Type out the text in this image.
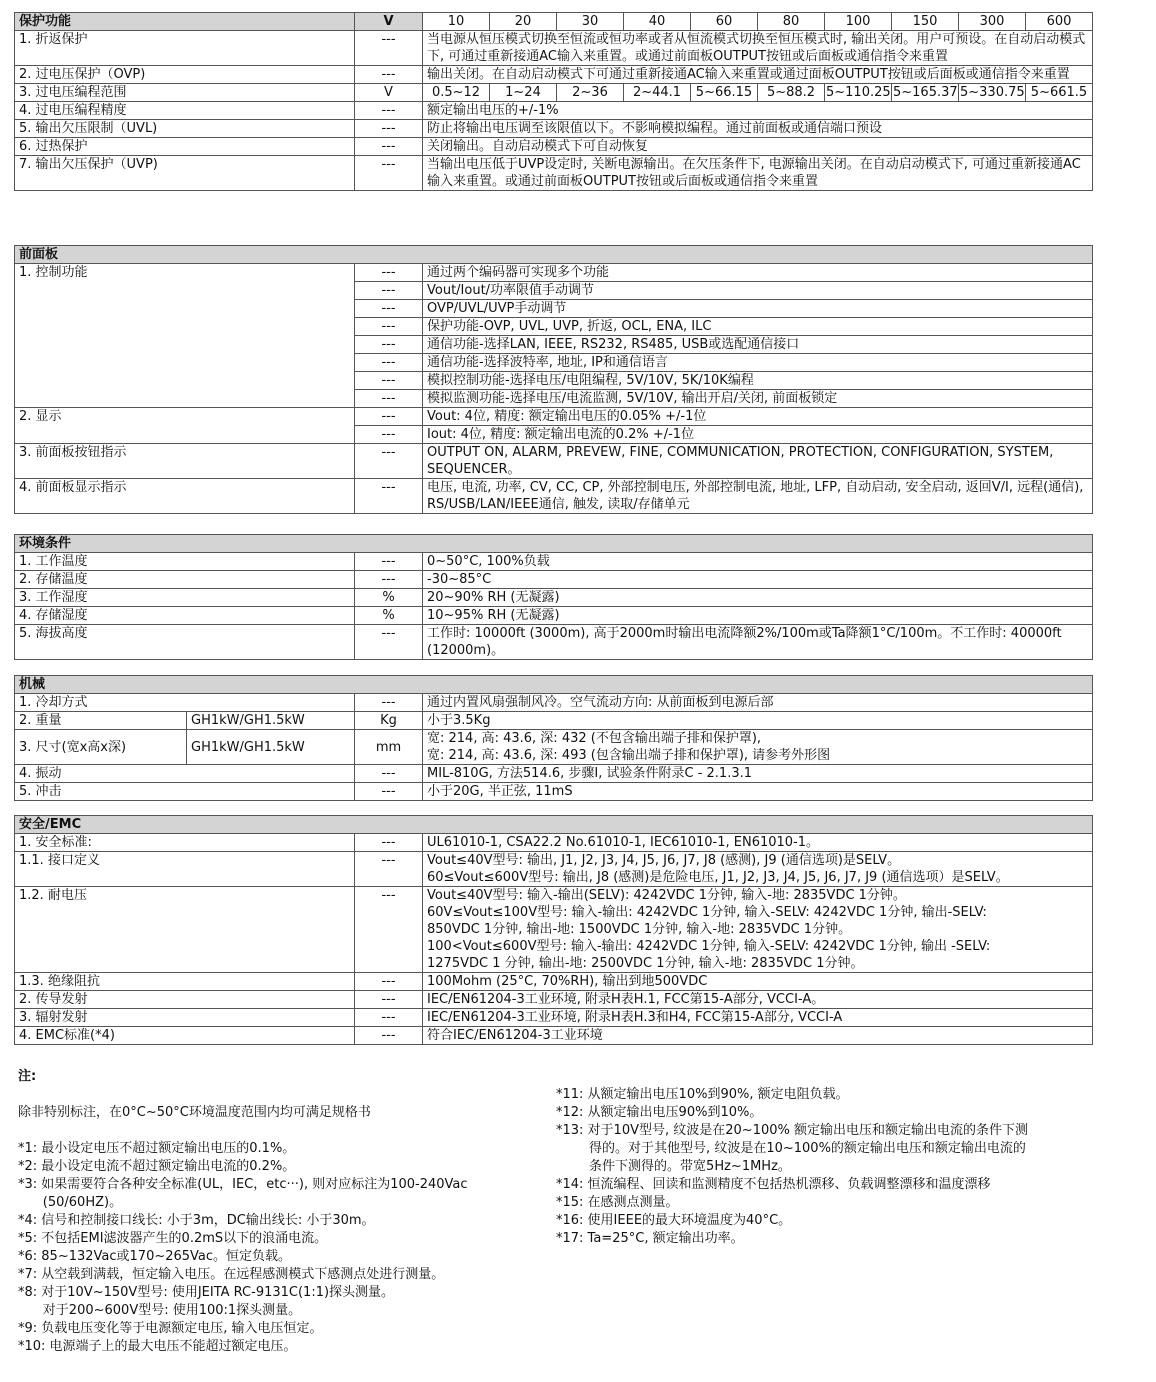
保护功能	V	10	20	30	40	60	80	100	150	300	600
1. 折返保护	---	当电源从恒压模式切换至恒流或恒功率或者从恒流模式切换至恒压模式时, 输出关闭。用户可预设。在自动启动模式下, 可通过重新接通AC输入来重置。或通过前面板OUTPUT按钮或后面板或通信指令来重置									
2. 过电压保护（OVP)	---	输出关闭。在自动启动模式下可通过重新接通AC输入来重置或通过面板OUTPUT按钮或后面板或通信指令来重置									
3. 过电压编程范围	V	0.5~12	1~24	2~36	2~44.1	5~66.15	5~88.2	5~110.25	5~165.37	5~330.75	5~661.5
4. 过电压编程精度	---	额定输出电压的+/-1%									
5. 输出欠压限制（UVL)	---	防止将输出电压调至该限值以下。不影响模拟编程。通过前面板或通信端口预设									
6. 过热保护	---	关闭输出。自动启动模式下可自动恢复									
7. 输出欠压保护（UVP)	---	当输出电压低于UVP设定时, 关断电源输出。在欠压条件下, 电源输出关闭。在自动启动模式下, 可通过重新接通AC输入来重置。或通过前面板OUTPUT按钮或后面板或通信指令来重置									
前面板		
1. 控制功能	---	通过两个编码器可实现多个功能
	---	Vout/Iout/功率限值手动调节
	---	OVP/UVL/UVP手动调节
	---	保护功能-OVP, UVL, UVP, 折返, OCL, ENA, ILC
	---	通信功能-选择LAN, IEEE, RS232, RS485, USB或选配通信接口
	---	通信功能-选择波特率, 地址, IP和通信语言
	---	模拟控制功能-选择电压/电阻编程, 5V/10V, 5K/10K编程
	---	模拟监测功能-选择电压/电流监测, 5V/10V, 输出开启/关闭, 前面板锁定
2. 显示	---	Vout: 4位, 精度: 额定输出电压的0.05% +/-1位
	---	Iout: 4位, 精度: 额定输出电流的0.2% +/-1位
3. 前面板按钮指示	---	OUTPUT ON, ALARM, PREVEW, FINE, COMMUNICATION, PROTECTION, CONFIGURATION, SYSTEM, SEQUENCER。
4. 前面板显示指示	---	电压, 电流, 功率, CV, CC, CP, 外部控制电压, 外部控制电流, 地址, LFP, 自动启动, 安全启动, 返回V/I, 远程(通信), RS/USB/LAN/IEEE通信, 触发, 读取/存储单元
环境条件		
1. 工作温度	---	0~50°C, 100%负载
2. 存储温度	---	-30~85°C
3. 工作湿度	%	20~90% RH (无凝露)
4. 存储湿度	%	10~95% RH (无凝露)
5. 海拔高度	---	工作时: 10000ft (3000m), 高于2000m时输出电流降额2%/100m或Ta降额1°C/100m。不工作时: 40000ft (12000m)。
机械			
1. 冷却方式		---	通过内置风扇强制风冷。空气流动方向: 从前面板到电源后部
2. 重量	GH1kW/GH1.5kW	Kg	小于3.5Kg
3. 尺寸(宽x高x深)	GH1kW/GH1.5kW	mm	宽: 214, 高: 43.6, 深: 432 (不包含输出端子排和保护罩),
宽: 214, 高: 43.6, 深: 493 (包含输出端子排和保护罩), 请参考外形图

4. 振动		---	MIL-810G, 方法514.6, 步骤I, 试验条件附录C - 2.1.3.1
5. 冲击		---	小于20G, 半正弦, 11mS
安全/EMC		
1. 安全标准:	---	UL61010-1, CSA22.2 No.61010-1, IEC61010-1, EN61010-1。
1.1. 接口定义	---	Vout≤40V型号: 输出, J1, J2, J3, J4, J5, J6, J7, J8 (感测), J9 (通信选项)是SELV。
60≤Vout≤600V型号: 输出, J8 (感测)是危险电压, J1, J2, J3, J4, J5, J6, J7, J9 (通信选项）是SELV。

1.2. 耐电压	---	Vout≤40V型号: 输入-输出(SELV): 4242VDC 1分钟, 输入-地: 2835VDC 1分钟。
60V≤Vout≤100V型号: 输入-输出: 4242VDC 1分钟, 输入-SELV: 4242VDC 1分钟, 输出-SELV:
850VDC 1分钟, 输出-地: 1500VDC 1分钟, 输入-地: 2835VDC 1分钟。
100<Vout≤600V型号: 输入-输出: 4242VDC 1分钟, 输入-SELV: 4242VDC 1分钟, 输出 -SELV:
1275VDC 1 分钟, 输出-地: 2500VDC 1分钟, 输入-地: 2835VDC 1分钟。

1.3. 绝缘阻抗	---	100Mohm (25°C, 70%RH), 输出到地500VDC
2. 传导发射	---	IEC/EN61204-3工业环境, 附录H表H.1, FCC第15-A部分, VCCI-A。
3. 辐射发射	---	IEC/EN61204-3工业环境, 附录H表H.3和H4, FCC第15-A部分, VCCI-A
4. EMC标准(*4)	---	符合IEC/EN61204-3工业环境
注:
除非特别标注，在0°C~50°C环境温度范围内均可满足规格书
*1: 最小设定电压不超过额定输出电压的0.1%。
*2: 最小设定电流不超过额定输出电流的0.2%。
*3: 如果需要符合各种安全标准(UL，IEC，etc···), 则对应标注为100-240Vac
(50/60HZ)。
*4: 信号和控制接口线长: 小于3m，DC输出线长: 小于30m。
*5: 不包括EMI滤波器产生的0.2mS以下的浪涌电流。
*6: 85~132Vac或170~265Vac。恒定负载。
*7: 从空载到满载，恒定输入电压。在远程感测模式下感测点处进行测量。
*8: 对于10V~150V型号: 使用JEITA RC-9131C(1:1)探头测量。
对于200~600V型号: 使用100:1探头测量。
*9: 负载电压变化等于电源额定电压, 输入电压恒定。
*10: 电源端子上的最大电压不能超过额定电压。
*11: 从额定输出电压10%到90%, 额定电阻负载。
*12: 从额定输出电压90%到10%。
*13: 对于10V型号, 纹波是在20~100% 额定输出电压和额定输出电流的条件下测
得的。对于其他型号, 纹波是在10~100%的额定输出电压和额定输出电流的
条件下测得的。带宽5Hz~1MHz。
*14: 恒流编程、回读和监测精度不包括热机漂移、负载调整漂移和温度漂移
*15: 在感测点测量。
*16: 使用IEEE的最大环境温度为40°C。
*17: Ta=25°C, 额定输出功率。
